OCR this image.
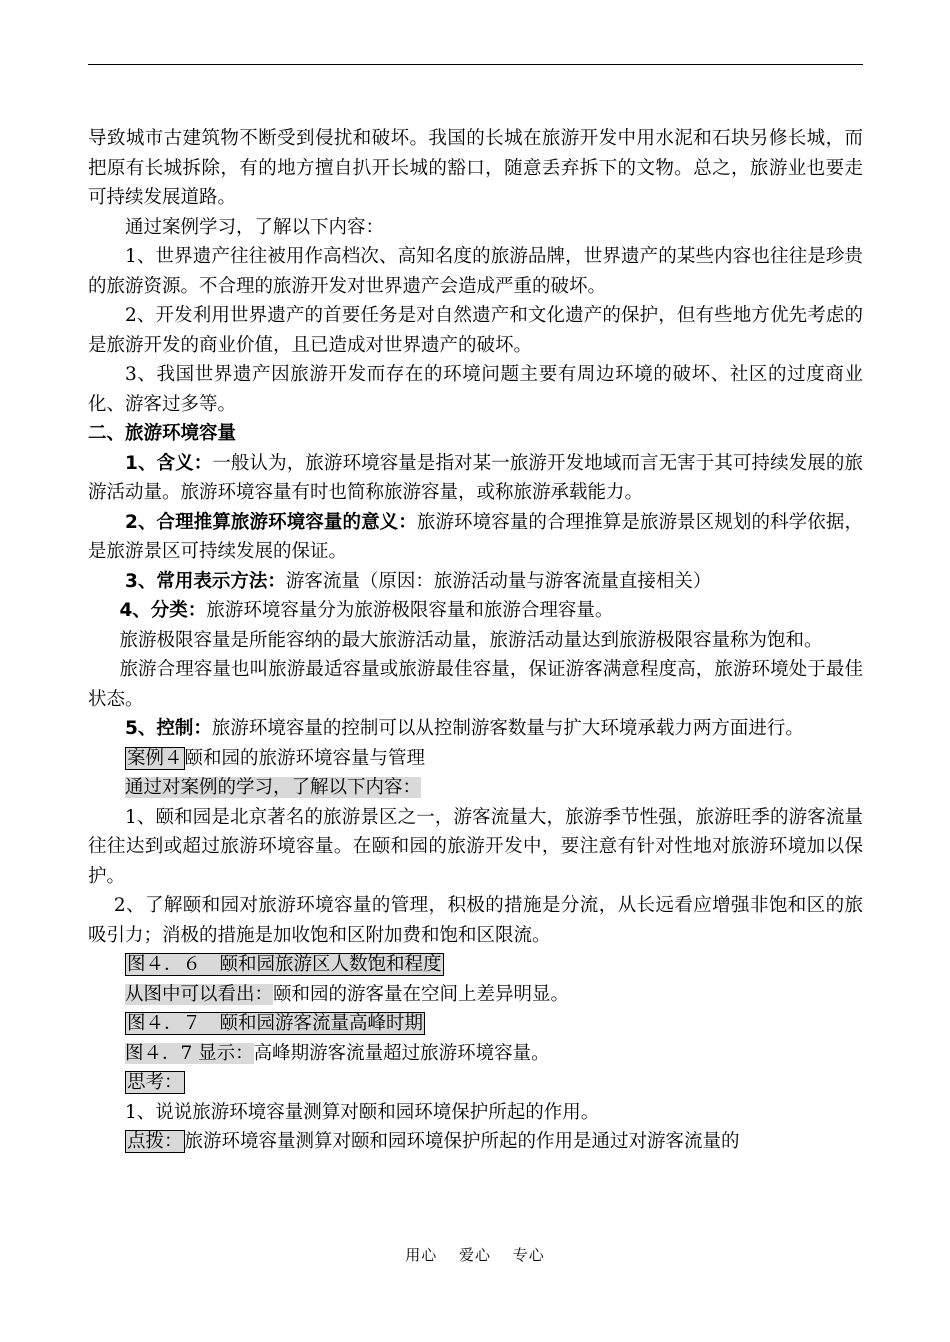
导致城市古建筑物不断受到侵扰和破坏。我国的长城在旅游开发中用水泥和石块另修长城，而把原有长城拆除，有的地方擅自扒开长城的豁口，随意丢弃拆下的文物。总之，旅游业也要走可持续发展道路。

通过案例学习，了解以下内容：

1、世界遗产往往被用作高档次、高知名度的旅游品牌，世界遗产的某些内容也往往是珍贵的旅游资源。不合理的旅游开发对世界遗产会造成严重的破坏。

2、开发利用世界遗产的首要任务是对自然遗产和文化遗产的保护，但有些地方优先考虑的是旅游开发的商业价值，且已造成对世界遗产的破坏。

3、我国世界遗产因旅游开发而存在的环境问题主要有周边环境的破坏、社区的过度商业化、游客过多等。

二、旅游环境容量

1、含义：一般认为，旅游环境容量是指对某一旅游开发地域而言无害于其可持续发展的旅游活动量。旅游环境容量有时也简称旅游容量，或称旅游承载能力。

2、合理推算旅游环境容量的意义：旅游环境容量的合理推算是旅游景区规划的科学依据，是旅游景区可持续发展的保证。

3、常用表示方法：游客流量（原因：旅游活动量与游客流量直接相关）

4、分类：旅游环境容量分为旅游极限容量和旅游合理容量。

旅游极限容量是所能容纳的最大旅游活动量，旅游活动量达到旅游极限容量称为饱和。

旅游合理容量也叫旅游最适容量或旅游最佳容量，保证游客满意程度高，旅游环境处于最佳状态。

5、控制：旅游环境容量的控制可以从控制游客数量与扩大环境承载力两方面进行。

案例４ 颐和园的旅游环境容量与管理

通过对案例的学习，了解以下内容：

1、颐和园是北京著名的旅游景区之一，游客流量大，旅游季节性强，旅游旺季的游客流量往往达到或超过旅游环境容量。在颐和园的旅游开发中，要注意有针对性地对旅游环境加以保护。

2、了解颐和园对旅游环境容量的管理，积极的措施是分流，从长远看应增强非饱和区的旅吸引力；消极的措施是加收饱和区附加费和饱和区限流。

图４．６　颐和园旅游区人数饱和程度

从图中可以看出：颐和园的游客量在空间上差异明显。

图４．７　颐和园游客流量高峰时期

图４．7 显示：高峰期游客流量超过旅游环境容量。

思考：

1、说说旅游环境容量测算对颐和园环境保护所起的作用。

点拨： 旅游环境容量测算对颐和园环境保护所起的作用是通过对游客流量的

用心 爱心 专心
